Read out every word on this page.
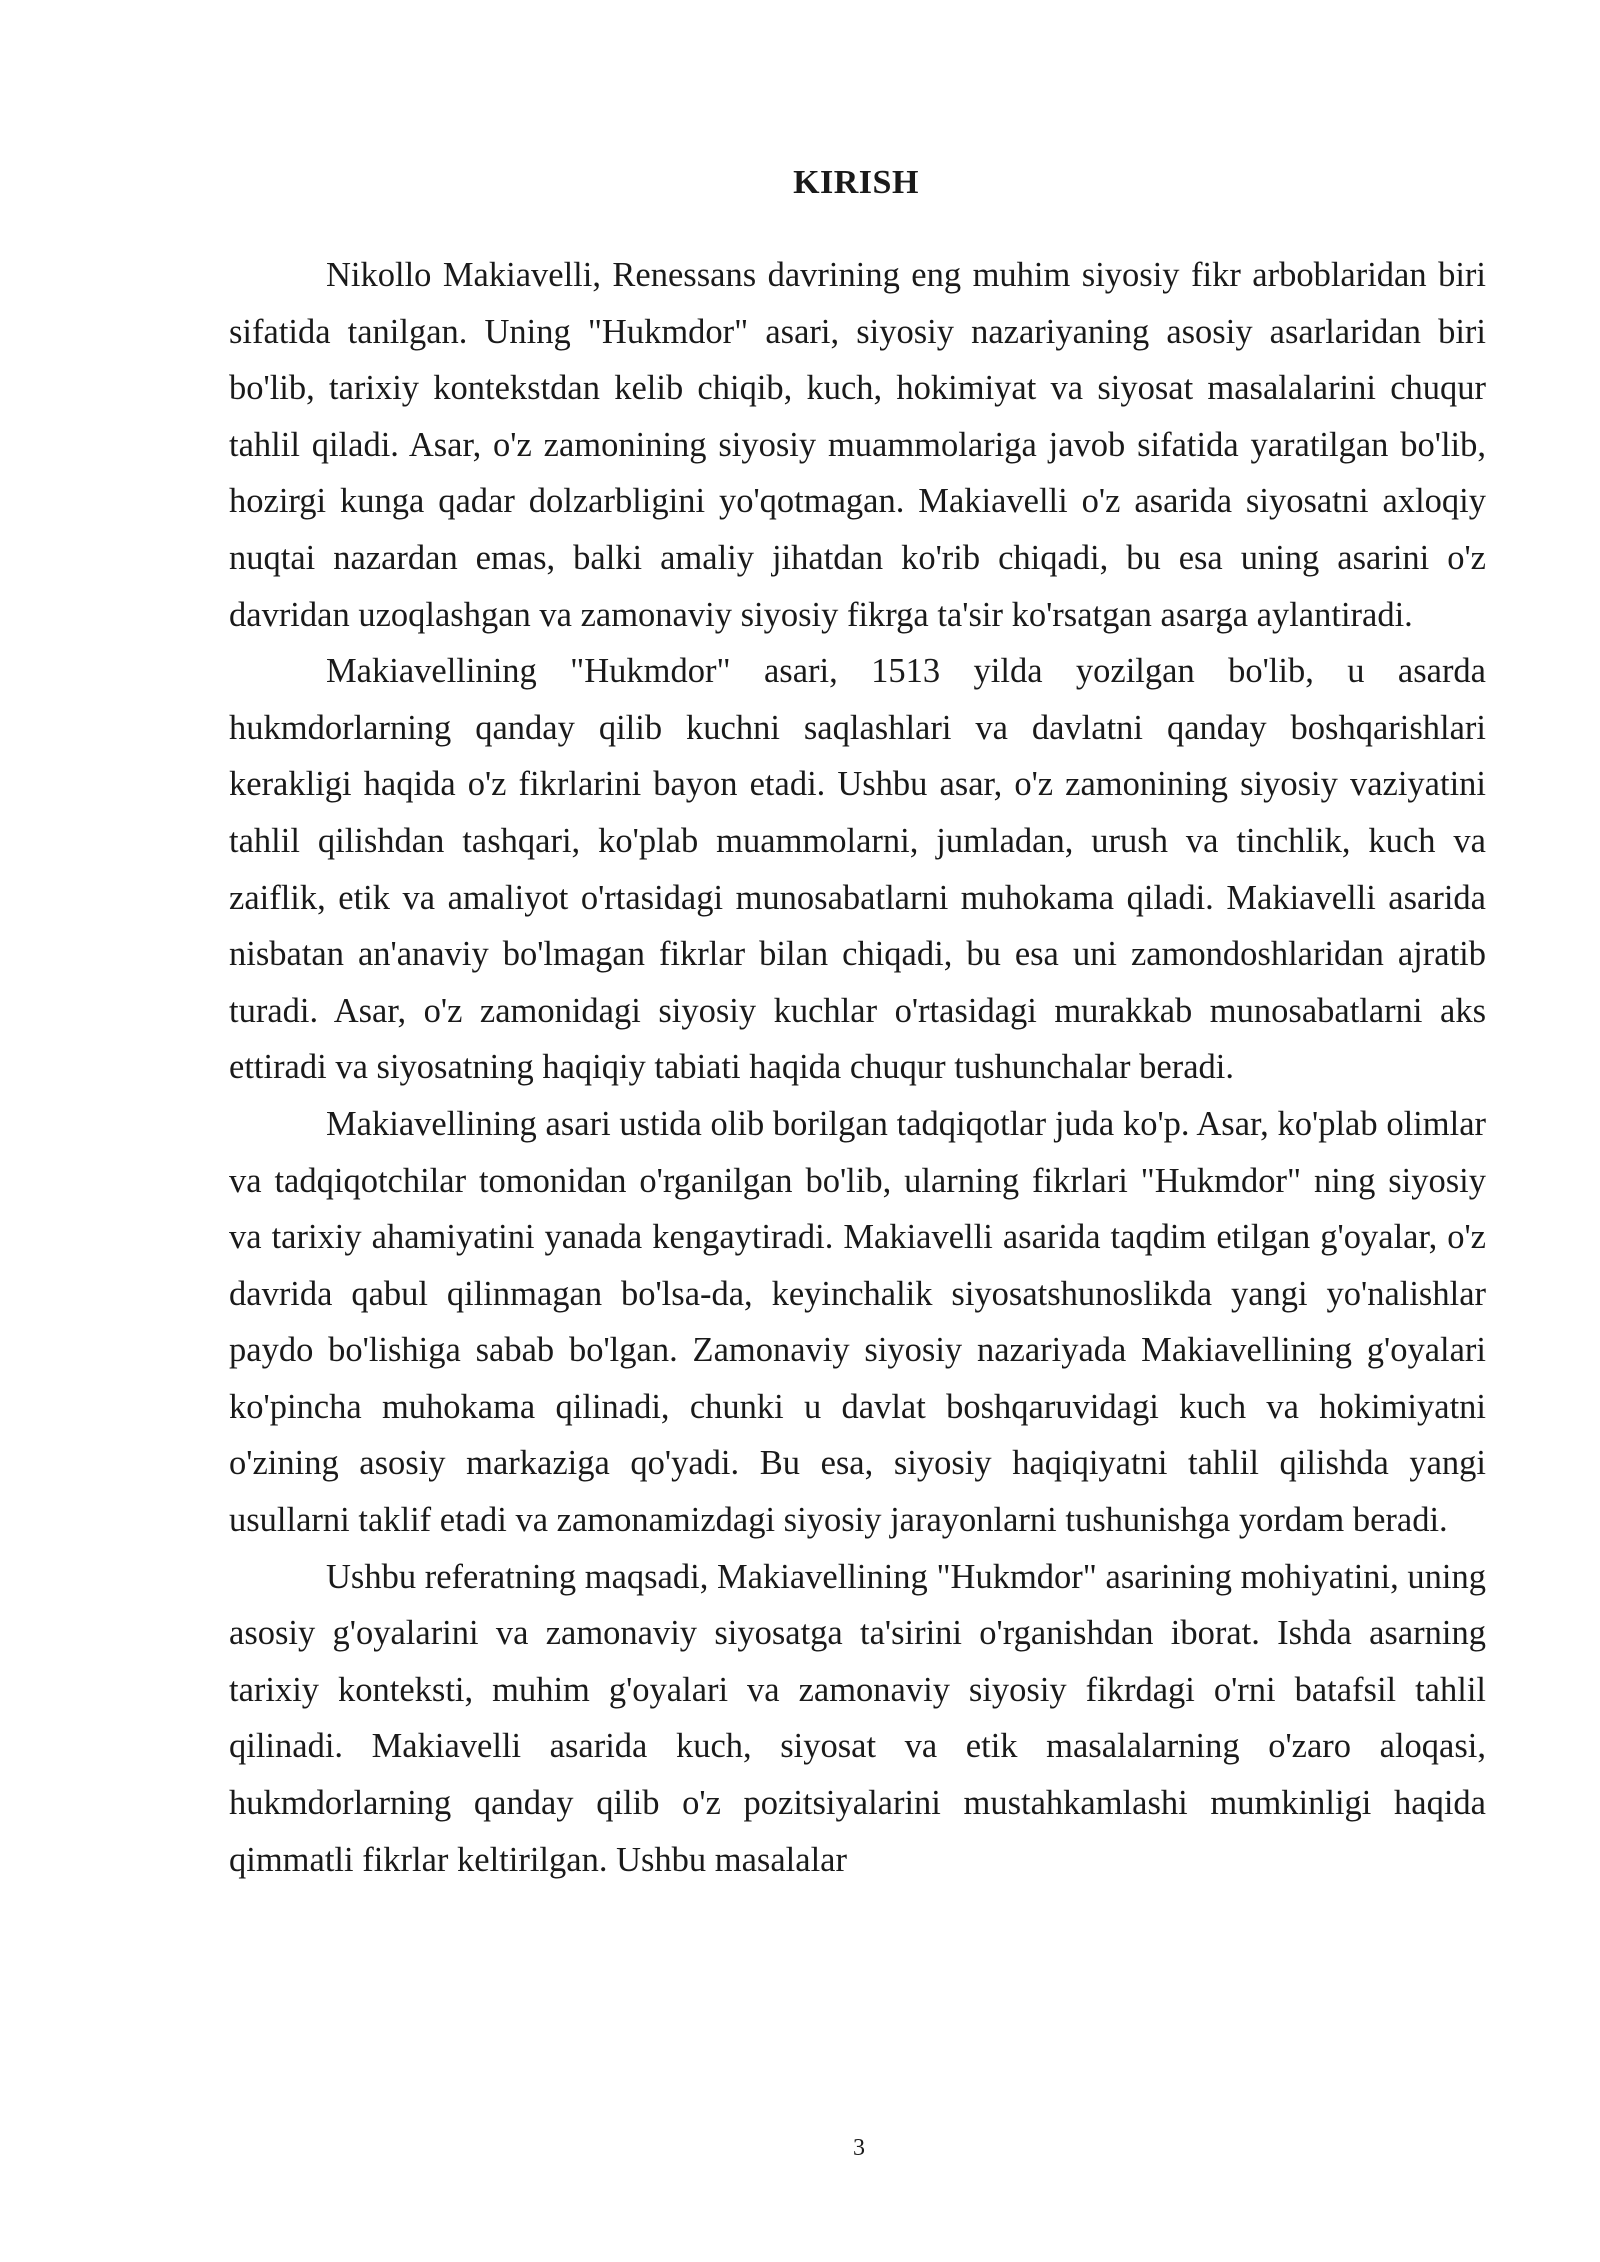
KIRISH

Nikollo Makiavelli, Renessans davrining eng muhim siyosiy fikr arboblaridan biri sifatida tanilgan. Uning "Hukmdor" asari, siyosiy nazariyaning asosiy asarlaridan biri bo'lib, tarixiy kontekstdan kelib chiqib, kuch, hokimiyat va siyosat masalalarini chuqur tahlil qiladi. Asar, o'z zamonining siyosiy muammolariga javob sifatida yaratilgan bo'lib, hozirgi kunga qadar dolzarbligini yo'qotmagan. Makiavelli o'z asarida siyosatni axloqiy nuqtai nazardan emas, balki amaliy jihatdan ko'rib chiqadi, bu esa uning asarini o'z davridan uzoqlashgan va zamonaviy siyosiy fikrga ta'sir ko'rsatgan asarga aylantiradi.

Makiavellining "Hukmdor" asari, 1513 yilda yozilgan bo'lib, u asarda hukmdorlarning qanday qilib kuchni saqlashlari va davlatni qanday boshqarishlari kerakligi haqida o'z fikrlarini bayon etadi. Ushbu asar, o'z zamonining siyosiy vaziyatini tahlil qilishdan tashqari, ko'plab muammolarni, jumladan, urush va tinchlik, kuch va zaiflik, etik va amaliyot o'rtasidagi munosabatlarni muhokama qiladi. Makiavelli asarida nisbatan an'anaviy bo'lmagan fikrlar bilan chiqadi, bu esa uni zamondoshlaridan ajratib turadi. Asar, o'z zamonidagi siyosiy kuchlar o'rtasidagi murakkab munosabatlarni aks ettiradi va siyosatning haqiqiy tabiati haqida chuqur tushunchalar beradi.

Makiavellining asari ustida olib borilgan tadqiqotlar juda ko'p. Asar, ko'plab olimlar va tadqiqotchilar tomonidan o'rganilgan bo'lib, ularning fikrlari "Hukmdor" ning siyosiy va tarixiy ahamiyatini yanada kengaytiradi. Makiavelli asarida taqdim etilgan g'oyalar, o'z davrida qabul qilinmagan bo'lsa-da, keyinchalik siyosatshunoslikda yangi yo'nalishlar paydo bo'lishiga sabab bo'lgan. Zamonaviy siyosiy nazariyada Makiavellining g'oyalari ko'pincha muhokama qilinadi, chunki u davlat boshqaruvidagi kuch va hokimiyatni o'zining asosiy markaziga qo'yadi. Bu esa, siyosiy haqiqiyatni tahlil qilishda yangi usullarni taklif etadi va zamonamizdagi siyosiy jarayonlarni tushunishga yordam beradi.

Ushbu referatning maqsadi, Makiavellining "Hukmdor" asarining mohiyatini, uning asosiy g'oyalarini va zamonaviy siyosatga ta'sirini o'rganishdan iborat. Ishda asarning tarixiy konteksti, muhim g'oyalari va zamonaviy siyosiy fikrdagi o'rni batafsil tahlil qilinadi. Makiavelli asarida kuch, siyosat va etik masalalarning o'zaro aloqasi, hukmdorlarning qanday qilib o'z pozitsiyalarini mustahkamlashi mumkinligi haqida qimmatli fikrlar keltirilgan. Ushbu masalalar

3
